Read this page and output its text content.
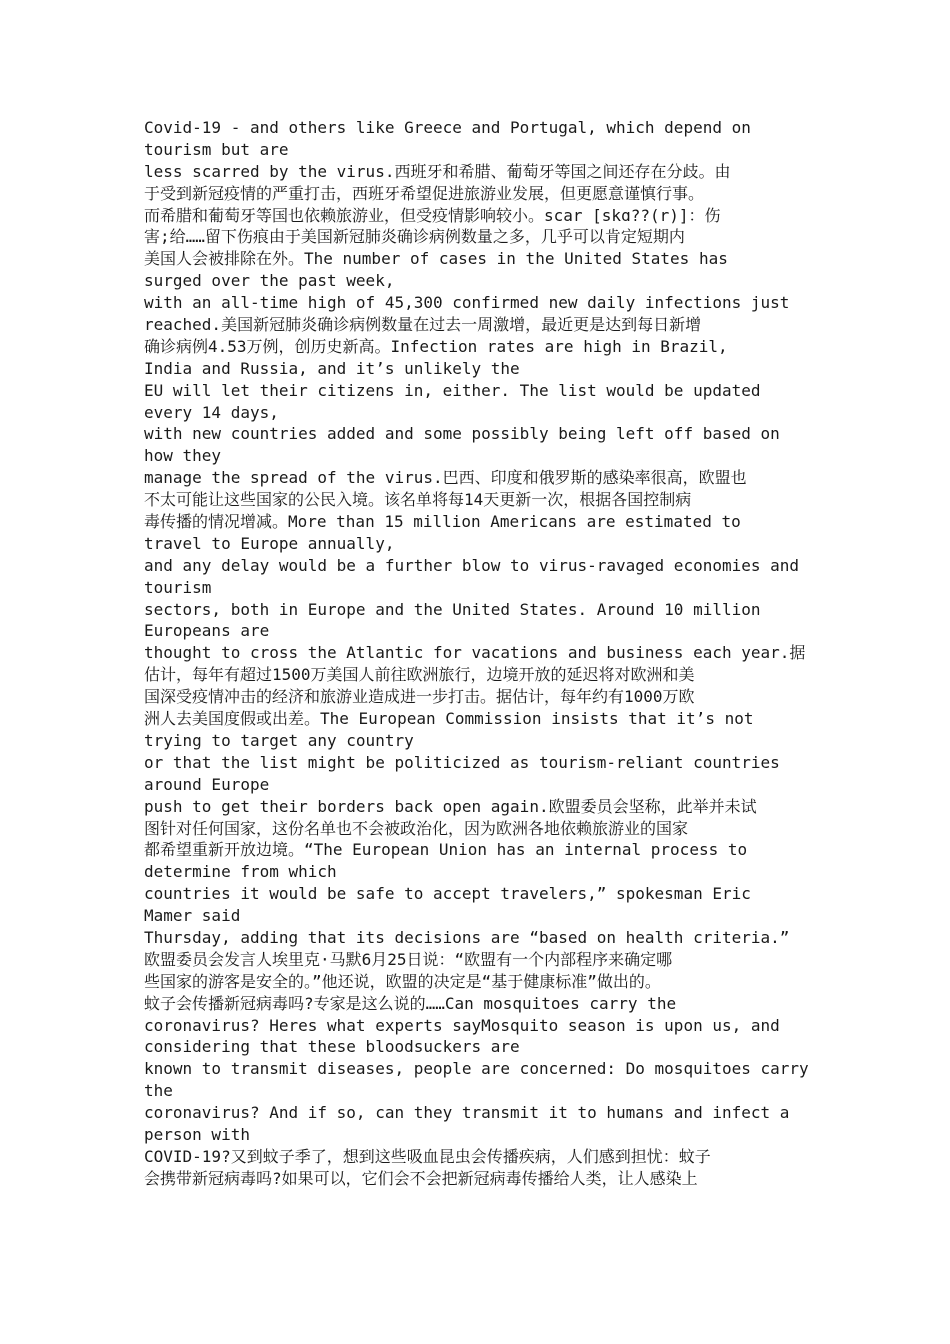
Covid-19 - and others like Greece and Portugal, which depend on
tourism but are
less scarred by the virus.西班牙和希腊、葡萄牙等国之间还存在分歧。由
于受到新冠疫情的严重打击，西班牙希望促进旅游业发展，但更愿意谨慎行事。
而希腊和葡萄牙等国也依赖旅游业，但受疫情影响较小。scar [skɑ??(r)]：伤
害;给……留下伤痕由于美国新冠肺炎确诊病例数量之多，几乎可以肯定短期内
美国人会被排除在外。The number of cases in the United States has
surged over the past week,
with an all-time high of 45,300 confirmed new daily infections just
reached.美国新冠肺炎确诊病例数量在过去一周激增，最近更是达到每日新增
确诊病例4.53万例，创历史新高。Infection rates are high in Brazil,
India and Russia, and it’s unlikely the
EU will let their citizens in, either. The list would be updated
every 14 days,
with new countries added and some possibly being left off based on
how they
manage the spread of the virus.巴西、印度和俄罗斯的感染率很高，欧盟也
不太可能让这些国家的公民入境。该名单将每14天更新一次，根据各国控制病
毒传播的情况增减。More than 15 million Americans are estimated to
travel to Europe annually,
and any delay would be a further blow to virus-ravaged economies and
tourism
sectors, both in Europe and the United States. Around 10 million
Europeans are
thought to cross the Atlantic for vacations and business each year.据
估计，每年有超过1500万美国人前往欧洲旅行，边境开放的延迟将对欧洲和美
国深受疫情冲击的经济和旅游业造成进一步打击。据估计，每年约有1000万欧
洲人去美国度假或出差。The European Commission insists that it’s not
trying to target any country
or that the list might be politicized as tourism-reliant countries
around Europe
push to get their borders back open again.欧盟委员会坚称，此举并未试
图针对任何国家，这份名单也不会被政治化，因为欧洲各地依赖旅游业的国家
都希望重新开放边境。“The European Union has an internal process to
determine from which
countries it would be safe to accept travelers,” spokesman Eric
Mamer said
Thursday, adding that its decisions are “based on health criteria.”
欧盟委员会发言人埃里克·马默6月25日说：“欧盟有一个内部程序来确定哪
些国家的游客是安全的。”他还说，欧盟的决定是“基于健康标准”做出的。
蚊子会传播新冠病毒吗?专家是这么说的……Can mosquitoes carry the
coronavirus? Heres what experts sayMosquito season is upon us, and
considering that these bloodsuckers are
known to transmit diseases, people are concerned: Do mosquitoes carry
the
coronavirus? And if so, can they transmit it to humans and infect a
person with
COVID-19?又到蚊子季了，想到这些吸血昆虫会传播疾病，人们感到担忧：蚊子
会携带新冠病毒吗?如果可以，它们会不会把新冠病毒传播给人类，让人感染上
